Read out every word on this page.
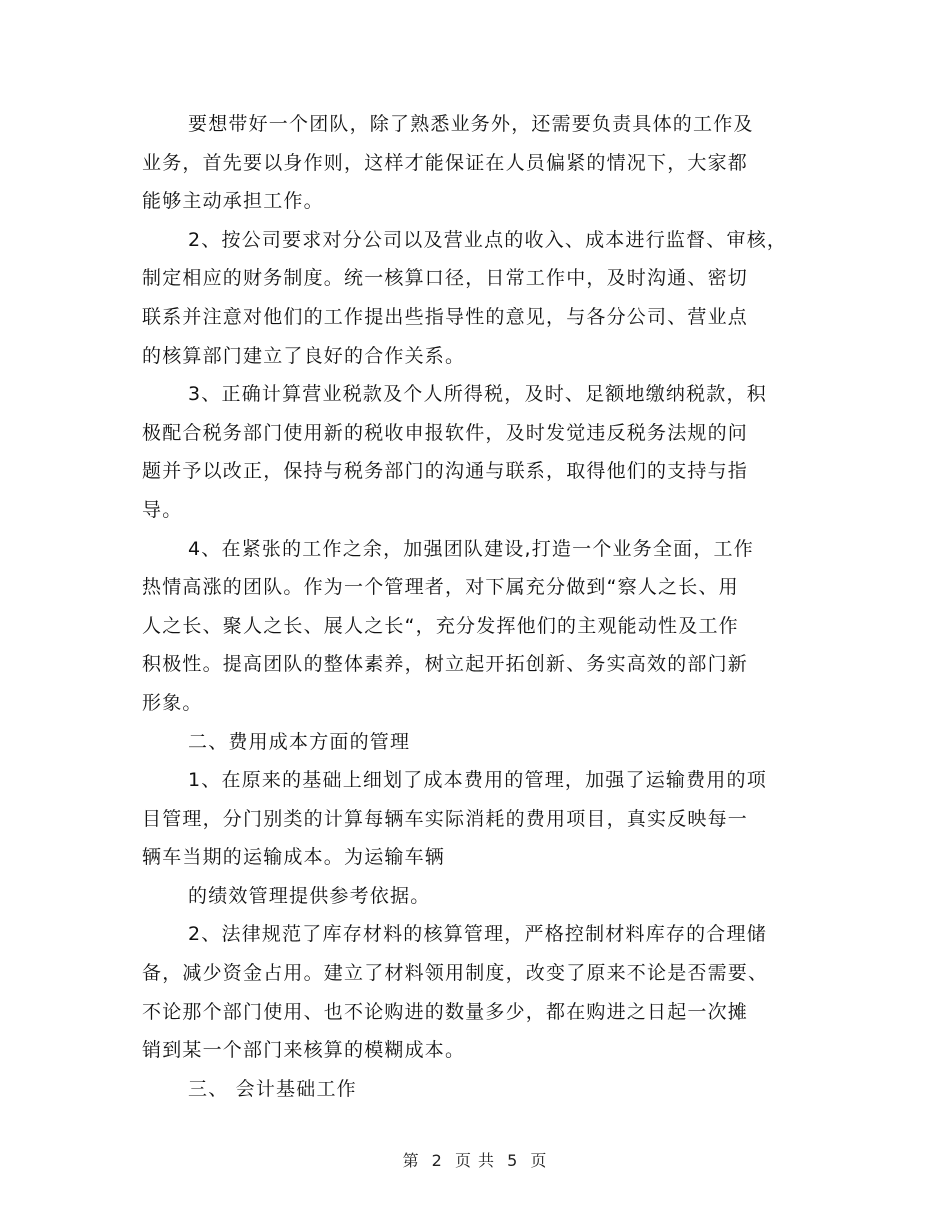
要想带好一个团队，除了熟悉业务外，还需要负责具体的工作及
业务，首先要以身作则，这样才能保证在人员偏紧的情况下，大家都
能够主动承担工作。
2、按公司要求对分公司以及营业点的收入、成本进行监督、审核，
制定相应的财务制度。统一核算口径，日常工作中，及时沟通、密切
联系并注意对他们的工作提出些指导性的意见，与各分公司、营业点
的核算部门建立了良好的合作关系。
3、正确计算营业税款及个人所得税，及时、足额地缴纳税款，积
极配合税务部门使用新的税收申报软件，及时发觉违反税务法规的问
题并予以改正，保持与税务部门的沟通与联系，取得他们的支持与指
导。
4、在紧张的工作之余，加强团队建设,打造一个业务全面，工作
热情高涨的团队。作为一个管理者，对下属充分做到“察人之长、用
人之长、聚人之长、展人之长“，充分发挥他们的主观能动性及工作
积极性。提高团队的整体素养，树立起开拓创新、务实高效的部门新
形象。
二、费用成本方面的管理
1、在原来的基础上细划了成本费用的管理，加强了运输费用的项
目管理，分门别类的计算每辆车实际消耗的费用项目，真实反映每一
辆车当期的运输成本。为运输车辆
的绩效管理提供参考依据。
2、法律规范了库存材料的核算管理，严格控制材料库存的合理储
备，减少资金占用。建立了材料领用制度，改变了原来不论是否需要、
不论那个部门使用、也不论购进的数量多少，都在购进之日起一次摊
销到某一个部门来核算的模糊成本。
三、 会计基础工作
第 2 页 共 5 页
